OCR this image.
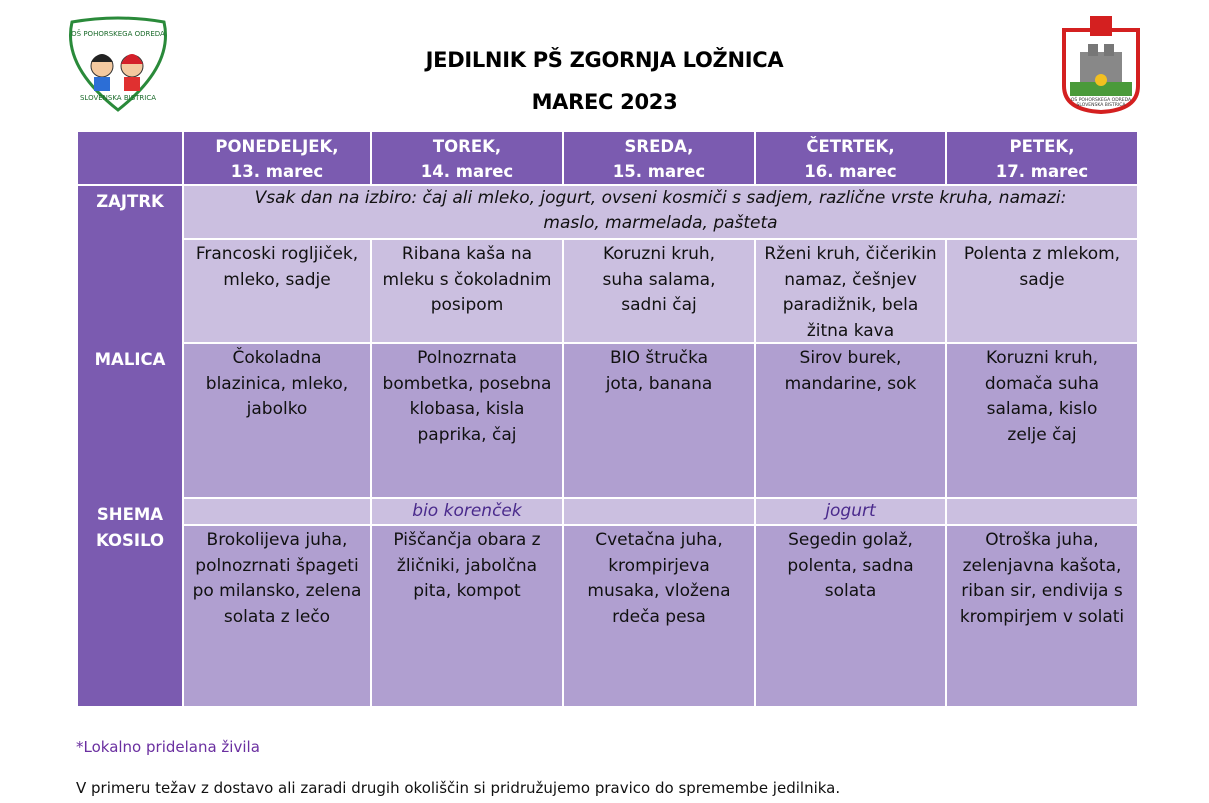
OŠ POHORSKEGA ODREDA
SLOVENSKA BISTRICA	OŠ POHORSKEGA ODREDA SLOVENSKA BISTRICA
JEDILNIK PŠ ZGORNJA LOŽNICA
MAREC 2023
PONEDELJEK,
13. marec
TOREK,
14. marec
SREDA,
15. marec
ČETRTEK,
16. marec
PETEK,
17. marec
ZAJTRK
MALICA
SHEMA
KOSILO
Vsak dan na izbiro: čaj ali mleko, jogurt, ovseni kosmiči s sadjem, različne vrste kruha, namazi: maslo, marmelada, pašteta
Francoski rogljiček, mleko, sadje
Ribana kaša na mleku s čokoladnim posipom
Koruzni kruh, suha salama, sadni čaj
Rženi kruh, čičerikin namaz, češnjev paradižnik, bela žitna kava
Polenta z mlekom, sadje
Čokoladna blazinica, mleko, jabolko
Polnozrnata bombetka, posebna klobasa, kisla paprika, čaj
BIO štručka jota, banana
Sirov burek, mandarine, sok
Koruzni kruh, domača suha salama, kislo zelje čaj
bio korenček	jogurt
Brokolijeva juha, polnozrnati špageti po milansko, zelena solata z lečo
Piščančja obara z žličniki, jabolčna pita, kompot
Cvetačna juha, krompirjeva musaka, vložena rdeča pesa
Segedin golaž, polenta, sadna solata
Otroška juha, zelenjavna kašota, riban sir, endivija s krompirjem v solati
*Lokalno pridelana živila
V primeru težav z dostavo ali zaradi drugih okoliščin si pridružujemo pravico do spremembe jedilnika.
